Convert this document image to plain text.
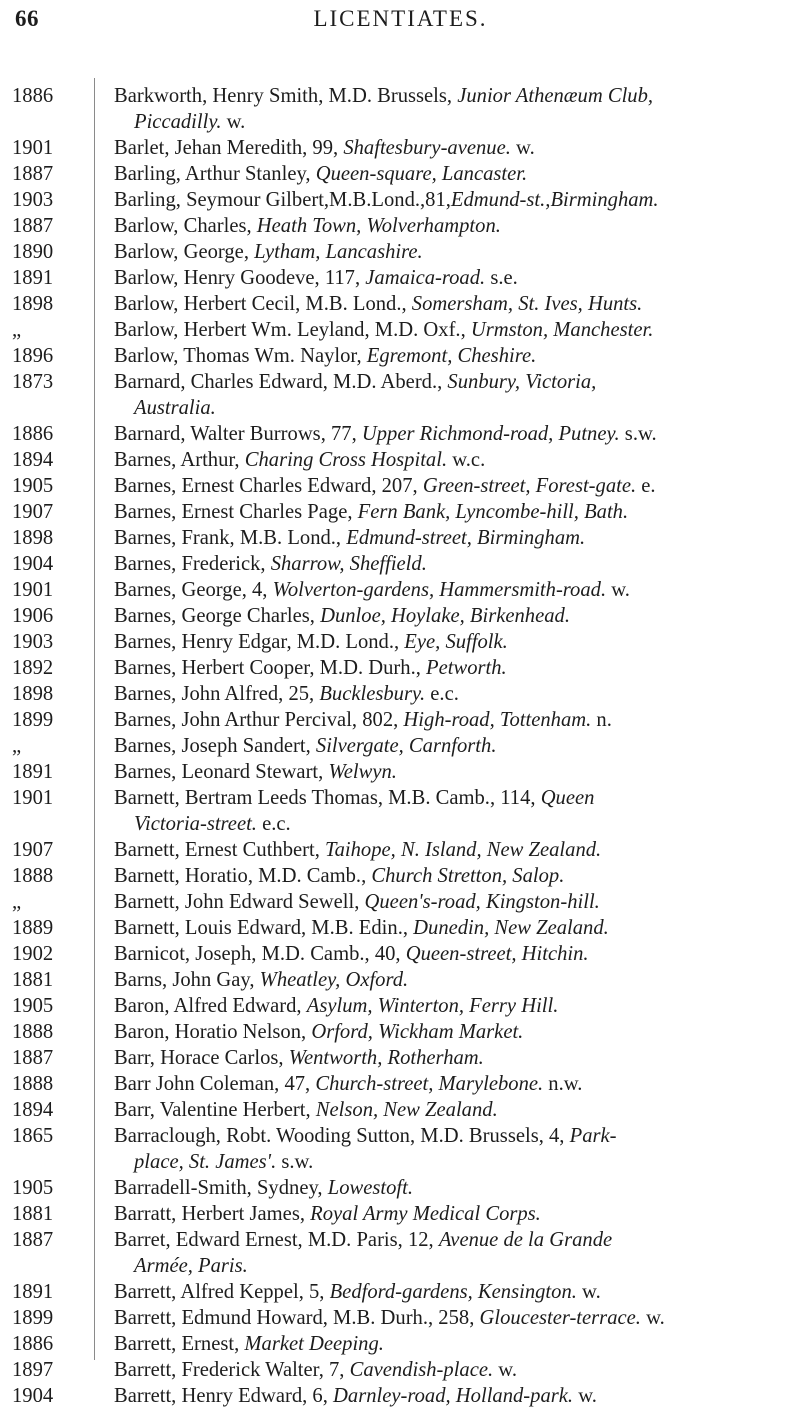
66	LICENTIATES.
1886	Barkworth, Henry Smith, M.D. Brussels, Junior Athenæum Club,
Piccadilly. w.
1901	Barlet, Jehan Meredith, 99, Shaftesbury-avenue. w.
1887	Barling, Arthur Stanley, Queen-square, Lancaster.
1903	Barling, Seymour Gilbert,M.B.Lond.,81,Edmund-st.,Birmingham.
1887	Barlow, Charles, Heath Town, Wolverhampton.
1890	Barlow, George, Lytham, Lancashire.
1891	Barlow, Henry Goodeve, 117, Jamaica-road. s.e.
1898	Barlow, Herbert Cecil, M.B. Lond., Somersham, St. Ives, Hunts.
„	Barlow, Herbert Wm. Leyland, M.D. Oxf., Urmston, Manchester.
1896	Barlow, Thomas Wm. Naylor, Egremont, Cheshire.
1873	Barnard, Charles Edward, M.D. Aberd., Sunbury, Victoria,
Australia.
1886	Barnard, Walter Burrows, 77, Upper Richmond-road, Putney. s.w.
1894	Barnes, Arthur, Charing Cross Hospital. w.c.
1905	Barnes, Ernest Charles Edward, 207, Green-street, Forest-gate. e.
1907	Barnes, Ernest Charles Page, Fern Bank, Lyncombe-hill, Bath.
1898	Barnes, Frank, M.B. Lond., Edmund-street, Birmingham.
1904	Barnes, Frederick, Sharrow, Sheffield.
1901	Barnes, George, 4, Wolverton-gardens, Hammersmith-road. w.
1906	Barnes, George Charles, Dunloe, Hoylake, Birkenhead.
1903	Barnes, Henry Edgar, M.D. Lond., Eye, Suffolk.
1892	Barnes, Herbert Cooper, M.D. Durh., Petworth.
1898	Barnes, John Alfred, 25, Bucklesbury. e.c.
1899	Barnes, John Arthur Percival, 802, High-road, Tottenham. n.
„	Barnes, Joseph Sandert, Silvergate, Carnforth.
1891	Barnes, Leonard Stewart, Welwyn.
1901	Barnett, Bertram Leeds Thomas, M.B. Camb., 114, Queen
Victoria-street. e.c.
1907	Barnett, Ernest Cuthbert, Taihope, N. Island, New Zealand.
1888	Barnett, Horatio, M.D. Camb., Church Stretton, Salop.
„	Barnett, John Edward Sewell, Queen's-road, Kingston-hill.
1889	Barnett, Louis Edward, M.B. Edin., Dunedin, New Zealand.
1902	Barnicot, Joseph, M.D. Camb., 40, Queen-street, Hitchin.
1881	Barns, John Gay, Wheatley, Oxford.
1905	Baron, Alfred Edward, Asylum, Winterton, Ferry Hill.
1888	Baron, Horatio Nelson, Orford, Wickham Market.
1887	Barr, Horace Carlos, Wentworth, Rotherham.
1888	Barr John Coleman, 47, Church-street, Marylebone. n.w.
1894	Barr, Valentine Herbert, Nelson, New Zealand.
1865	Barraclough, Robt. Wooding Sutton, M.D. Brussels, 4, Park-
place, St. James'. s.w.
1905	Barradell-Smith, Sydney, Lowestoft.
1881	Barratt, Herbert James, Royal Army Medical Corps.
1887	Barret, Edward Ernest, M.D. Paris, 12, Avenue de la Grande
Armée, Paris.
1891	Barrett, Alfred Keppel, 5, Bedford-gardens, Kensington. w.
1899	Barrett, Edmund Howard, M.B. Durh., 258, Gloucester-terrace. w.
1886	Barrett, Ernest, Market Deeping.
1897	Barrett, Frederick Walter, 7, Cavendish-place. w.
1904	Barrett, Henry Edward, 6, Darnley-road, Holland-park. w.
